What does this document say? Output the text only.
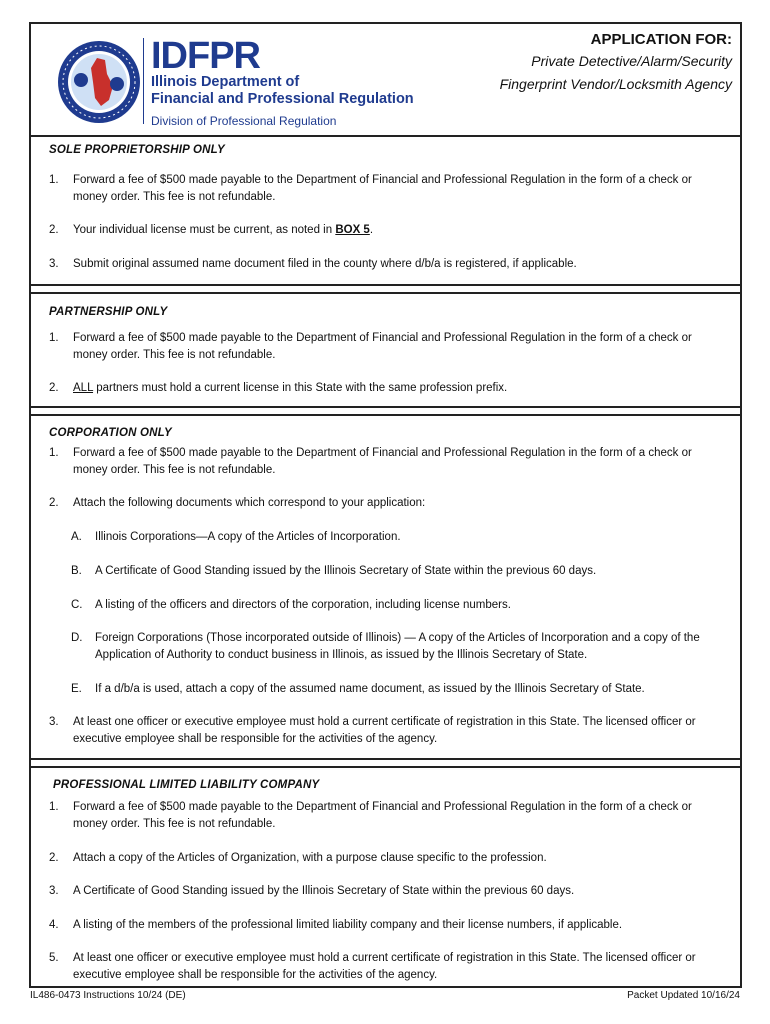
IDFPR
Illinois Department of
Financial and Professional Regulation
Division of Professional Regulation
APPLICATION FOR:
Private Detective/Alarm/Security
Fingerprint Vendor/Locksmith Agency
SOLE PROPRIETORSHIP ONLY
1. Forward a fee of $500 made payable to the Department of Financial and Professional Regulation in the form of a check or money order. This fee is not refundable.
2. Your individual license must be current, as noted in BOX 5.
3. Submit original assumed name document filed in the county where d/b/a is registered, if applicable.
PARTNERSHIP ONLY
1. Forward a fee of $500 made payable to the Department of Financial and Professional Regulation in the form of a check or money order. This fee is not refundable.
2. ALL partners must hold a current license in this State with the same profession prefix.
CORPORATION ONLY
1. Forward a fee of $500 made payable to the Department of Financial and Professional Regulation in the form of a check or money order. This fee is not refundable.
2. Attach the following documents which correspond to your application:
A. Illinois Corporations—A copy of the Articles of Incorporation.
B. A Certificate of Good Standing issued by the Illinois Secretary of State within the previous 60 days.
C. A listing of the officers and directors of the corporation, including license numbers.
D. Foreign Corporations (Those incorporated outside of Illinois) — A copy of the Articles of Incorporation and a copy of the Application of Authority to conduct business in Illinois, as issued by the Illinois Secretary of State.
E. If a d/b/a is used, attach a copy of the assumed name document, as issued by the Illinois Secretary of State.
3. At least one officer or executive employee must hold a current certificate of registration in this State. The licensed officer or executive employee shall be responsible for the activities of the agency.
PROFESSIONAL LIMITED LIABILITY COMPANY
1. Forward a fee of $500 made payable to the Department of Financial and Professional Regulation in the form of a check or money order. This fee is not refundable.
2. Attach a copy of the Articles of Organization, with a purpose clause specific to the profession.
3. A Certificate of Good Standing issued by the Illinois Secretary of State within the previous 60 days.
4. A listing of the members of the professional limited liability company and their license numbers, if applicable.
5. At least one officer or executive employee must hold a current certificate of registration in this State. The licensed officer or executive employee shall be responsible for the activities of the agency.
IL486-0473 Instructions 10/24 (DE)	Packet Updated 10/16/24
